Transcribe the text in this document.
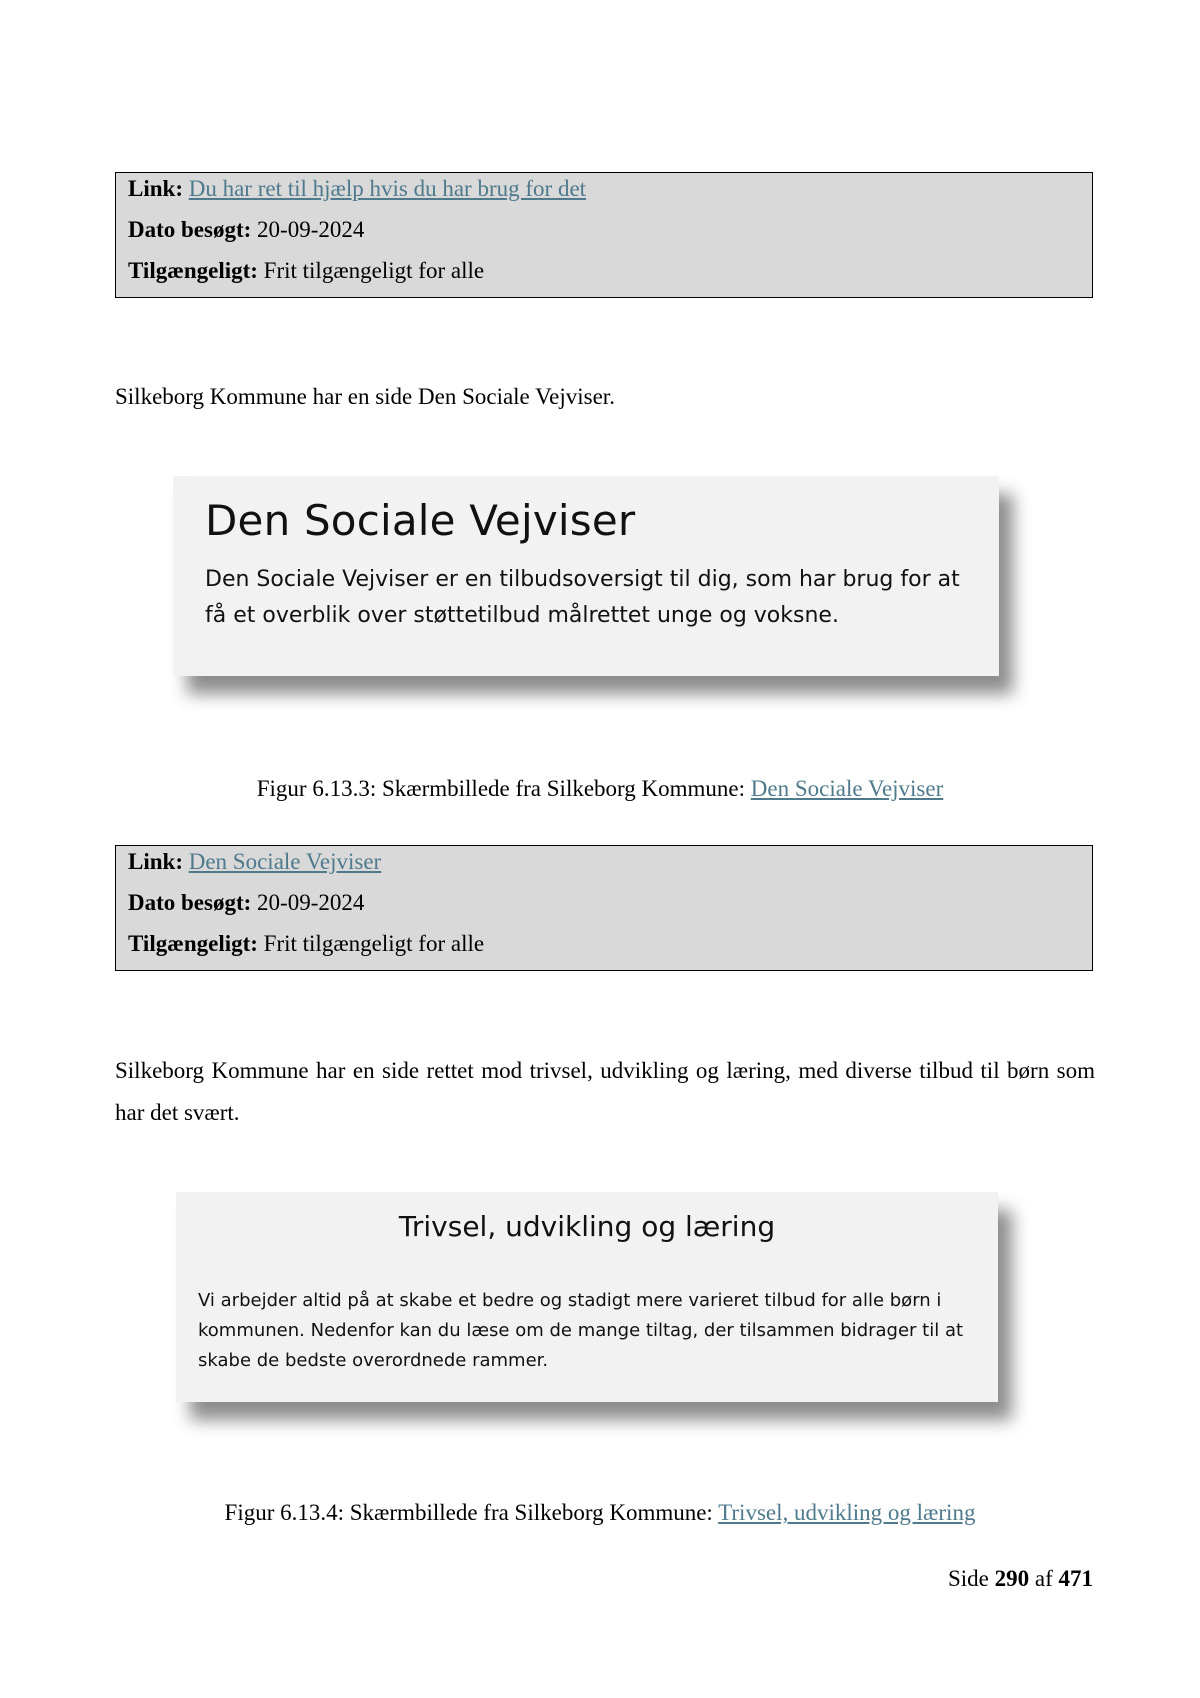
Link: Du har ret til hjælp hvis du har brug for det
Dato besøgt: 20-09-2024
Tilgængeligt: Frit tilgængeligt for alle
Silkeborg Kommune har en side Den Sociale Vejviser.
Den Sociale Vejviser
Den Sociale Vejviser er en tilbudsoversigt til dig, som har brug for at
få et overblik over støttetilbud målrettet unge og voksne.
Figur 6.13.3: Skærmbillede fra Silkeborg Kommune: Den Sociale Vejviser
Link: Den Sociale Vejviser
Dato besøgt: 20-09-2024
Tilgængeligt: Frit tilgængeligt for alle
Silkeborg Kommune har en side rettet mod trivsel, udvikling og læring, med diverse tilbud til børn som har det svært.
Trivsel, udvikling og læring
Vi arbejder altid på at skabe et bedre og stadigt mere varieret tilbud for alle børn i
kommunen. Nedenfor kan du læse om de mange tiltag, der tilsammen bidrager til at
skabe de bedste overordnede rammer.
Figur 6.13.4: Skærmbillede fra Silkeborg Kommune: Trivsel, udvikling og læring
Side 290 af 471
